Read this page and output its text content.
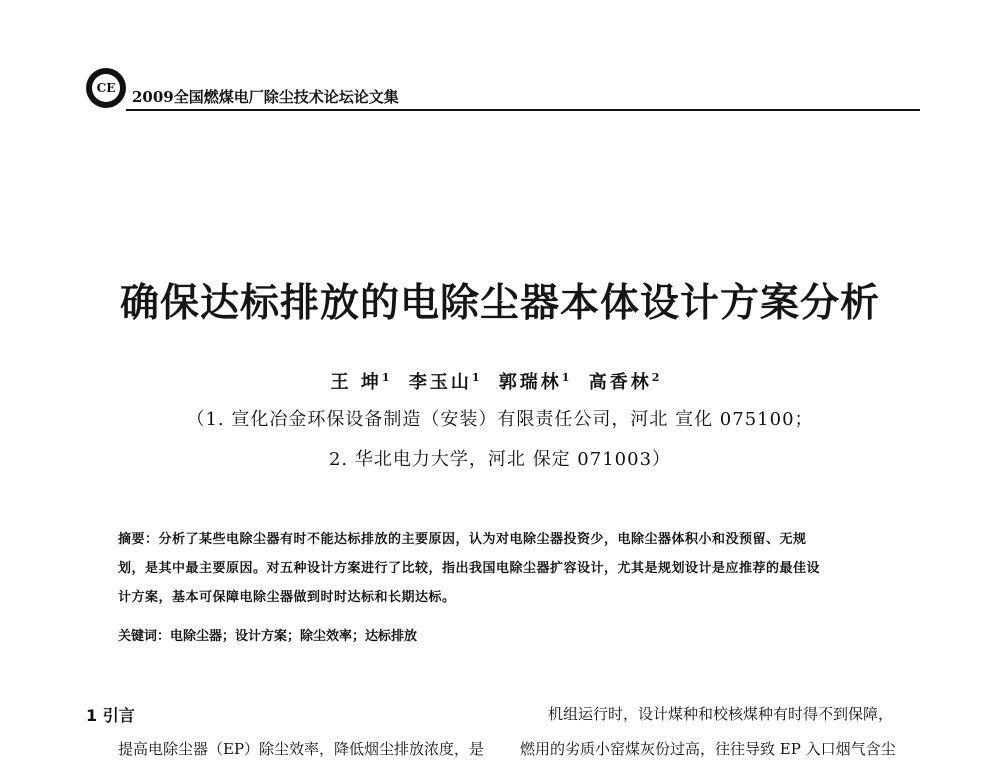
CE	2009全国燃煤电厂除尘技术论坛论文集
确保达标排放的电除尘器本体设计方案分析
王 坤$^1$ 李玉山$^1$ 郭瑞林$^1$ 高香林$^2$
（1. 宣化冶金环保设备制造（安装）有限责任公司，河北 宣化 075100；
2. 华北电力大学，河北 保定 071003）

摘要：分析了某些电除尘器有时不能达标排放的主要原因，认为对电除尘器投资少，电除尘器体积小和没预留、无规

划，是其中最主要原因。对五种设计方案进行了比较，指出我国电除尘器扩容设计，尤其是规划设计是应推荐的最佳设

计方案，基本可保障电除尘器做到时时达标和长期达标。

关键词：电除尘器；设计方案；除尘效率；达标排放
1 引言
提高电除尘器（EP）除尘效率，降低烟尘排放浓度，是
机组运行时，设计煤种和校核煤种有时得不到保障，
燃用的劣质小窑煤灰份过高，往往导致 EP 入口烟气含尘
